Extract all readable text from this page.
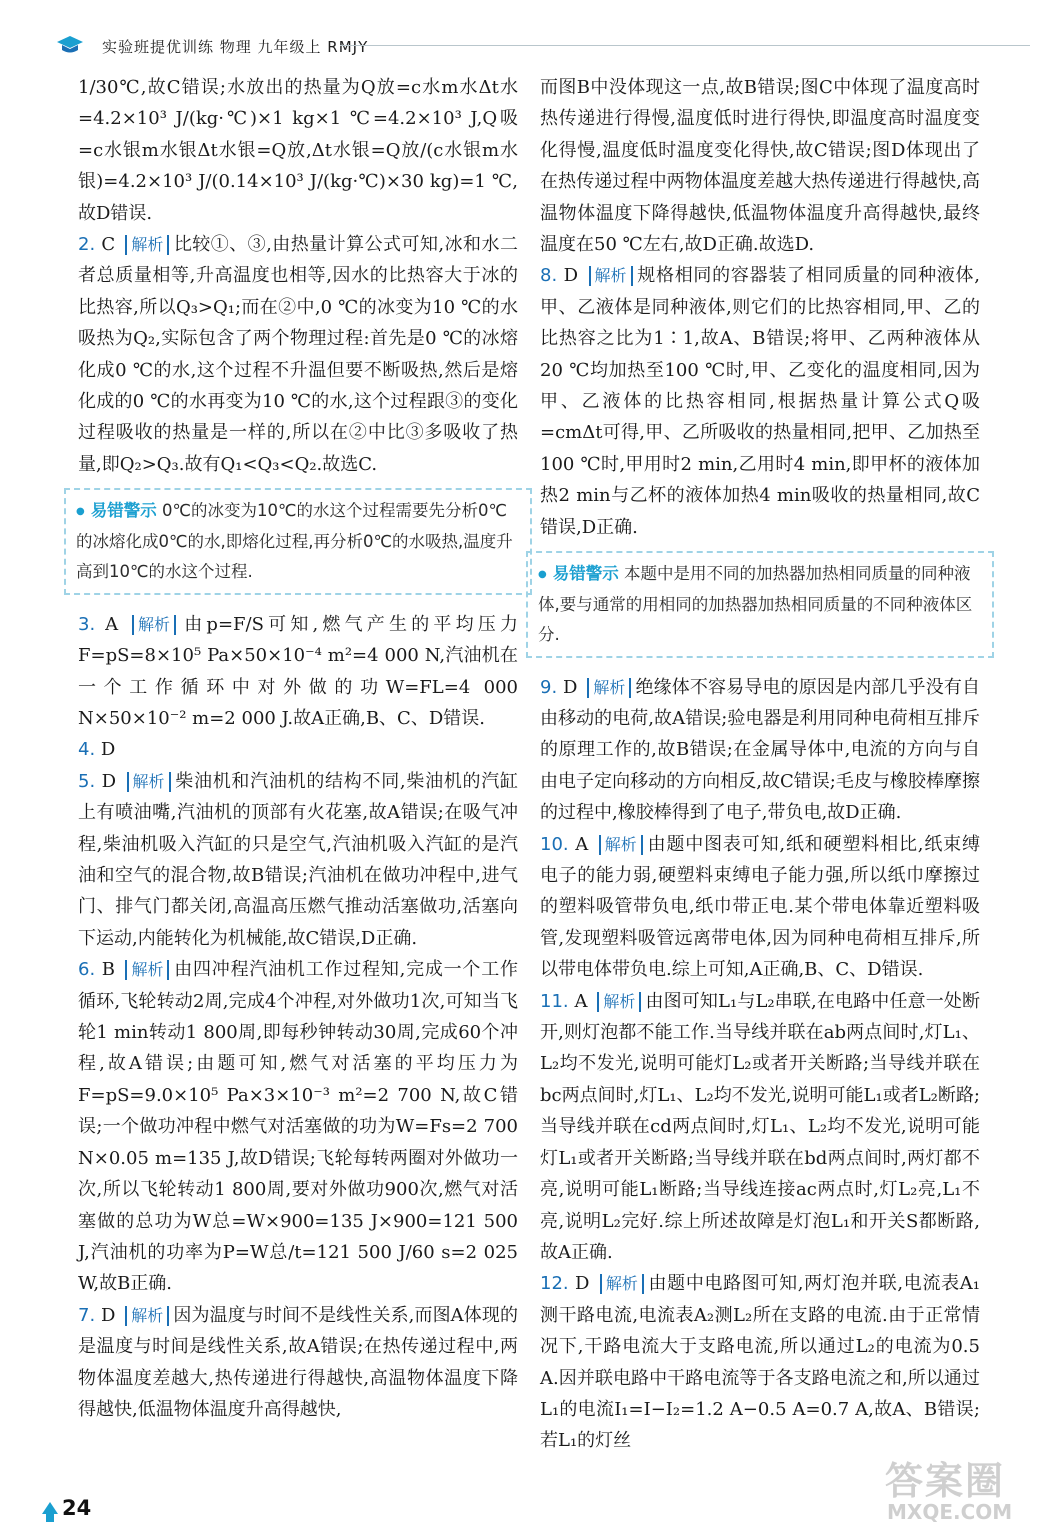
实验班提优训练 物理 九年级上 RMJY

1/30℃,故C错误;水放出的热量为Q放=c水m水Δt水=4.2×10³ J/(kg·℃)×1 kg×1 ℃=4.2×10³ J,Q吸=c水银m水银Δt水银=Q放,Δt水银=Q放/(c水银m水银)=4.2×10³ J/(0.14×10³ J/(kg·℃)×30 kg)=1 ℃,故D错误.

2. C 解析 比较①、③,由热量计算公式可知,冰和水二者总质量相等,升高温度也相等,因水的比热容大于冰的比热容,所以Q₃>Q₁;而在②中,0 ℃的冰变为10 ℃的水吸热为Q₂,实际包含了两个物理过程:首先是0 ℃的冰熔化成0 ℃的水,这个过程不升温但要不断吸热,然后是熔化成的0 ℃的水再变为10 ℃的水,这个过程跟③的变化过程吸收的热量是一样的,所以在②中比③多吸收了热量,即Q₂>Q₃.故有Q₁<Q₃<Q₂.故选C.

● 易错警示 0℃的冰变为10℃的水这个过程需要先分析0℃的冰熔化成0℃的水,即熔化过程,再分析0℃的水吸热,温度升高到10℃的水这个过程.

3. A 解析 由p=F/S可知,燃气产生的平均压力F=pS=8×10⁵ Pa×50×10⁻⁴ m²=4 000 N,汽油机在一个工作循环中对外做的功W=FL=4 000 N×50×10⁻² m=2 000 J.故A正确,B、C、D错误.

4. D

5. D 解析 柴油机和汽油机的结构不同,柴油机的汽缸上有喷油嘴,汽油机的顶部有火花塞,故A错误;在吸气冲程,柴油机吸入汽缸的只是空气,汽油机吸入汽缸的是汽油和空气的混合物,故B错误;汽油机在做功冲程中,进气门、排气门都关闭,高温高压燃气推动活塞做功,活塞向下运动,内能转化为机械能,故C错误,D正确.

6. B 解析 由四冲程汽油机工作过程知,完成一个工作循环,飞轮转动2周,完成4个冲程,对外做功1次,可知当飞轮1 min转动1 800周,即每秒钟转动30周,完成60个冲程,故A错误;由题可知,燃气对活塞的平均压力为F=pS=9.0×10⁵ Pa×3×10⁻³ m²=2 700 N,故C错误;一个做功冲程中燃气对活塞做的功为W=Fs=2 700 N×0.05 m=135 J,故D错误;飞轮每转两圈对外做功一次,所以飞轮转动1 800周,要对外做功900次,燃气对活塞做的总功为W总=W×900=135 J×900=121 500 J,汽油机的功率为P=W总/t=121 500 J/60 s=2 025 W,故B正确.

7. D 解析 因为温度与时间不是线性关系,而图A体现的是温度与时间是线性关系,故A错误;在热传递过程中,两物体温度差越大,热传递进行得越快,高温物体温度下降得越快,低温物体温度升高得越快,

而图B中没体现这一点,故B错误;图C中体现了温度高时热传递进行得慢,温度低时进行得快,即温度高时温度变化得慢,温度低时温度变化得快,故C错误;图D体现出了在热传递过程中两物体温度差越大热传递进行得越快,高温物体温度下降得越快,低温物体温度升高得越快,最终温度在50 ℃左右,故D正确.故选D.

8. D 解析 规格相同的容器装了相同质量的同种液体,甲、乙液体是同种液体,则它们的比热容相同,甲、乙的比热容之比为1∶1,故A、B错误;将甲、乙两种液体从20 ℃均加热至100 ℃时,甲、乙变化的温度相同,因为甲、乙液体的比热容相同,根据热量计算公式Q吸=cmΔt可得,甲、乙所吸收的热量相同,把甲、乙加热至100 ℃时,甲用时2 min,乙用时4 min,即甲杯的液体加热2 min与乙杯的液体加热4 min吸收的热量相同,故C错误,D正确.

● 易错警示 本题中是用不同的加热器加热相同质量的同种液体,要与通常的用相同的加热器加热相同质量的不同种液体区分.

9. D 解析 绝缘体不容易导电的原因是内部几乎没有自由移动的电荷,故A错误;验电器是利用同种电荷相互排斥的原理工作的,故B错误;在金属导体中,电流的方向与自由电子定向移动的方向相反,故C错误;毛皮与橡胶棒摩擦的过程中,橡胶棒得到了电子,带负电,故D正确.

10. A 解析 由题中图表可知,纸和硬塑料相比,纸束缚电子的能力弱,硬塑料束缚电子能力强,所以纸巾摩擦过的塑料吸管带负电,纸巾带正电.某个带电体靠近塑料吸管,发现塑料吸管远离带电体,因为同种电荷相互排斥,所以带电体带负电.综上可知,A正确,B、C、D错误.

11. A 解析 由图可知L₁与L₂串联,在电路中任意一处断开,则灯泡都不能工作.当导线并联在ab两点间时,灯L₁、L₂均不发光,说明可能灯L₂或者开关断路;当导线并联在bc两点间时,灯L₁、L₂均不发光,说明可能L₁或者L₂断路;当导线并联在cd两点间时,灯L₁、L₂均不发光,说明可能灯L₁或者开关断路;当导线并联在bd两点间时,两灯都不亮,说明可能L₁断路;当导线连接ac两点时,灯L₂亮,L₁不亮,说明L₂完好.综上所述故障是灯泡L₁和开关S都断路,故A正确.

12. D 解析 由题中电路图可知,两灯泡并联,电流表A₁测干路电流,电流表A₂测L₂所在支路的电流.由于正常情况下,干路电流大于支路电流,所以通过L₂的电流为0.5 A.因并联电路中干路电流等于各支路电流之和,所以通过L₁的电流I₁=I−I₂=1.2 A−0.5 A=0.7 A,故A、B错误;若L₁的灯丝

24
答案圈
MXQE.COM
